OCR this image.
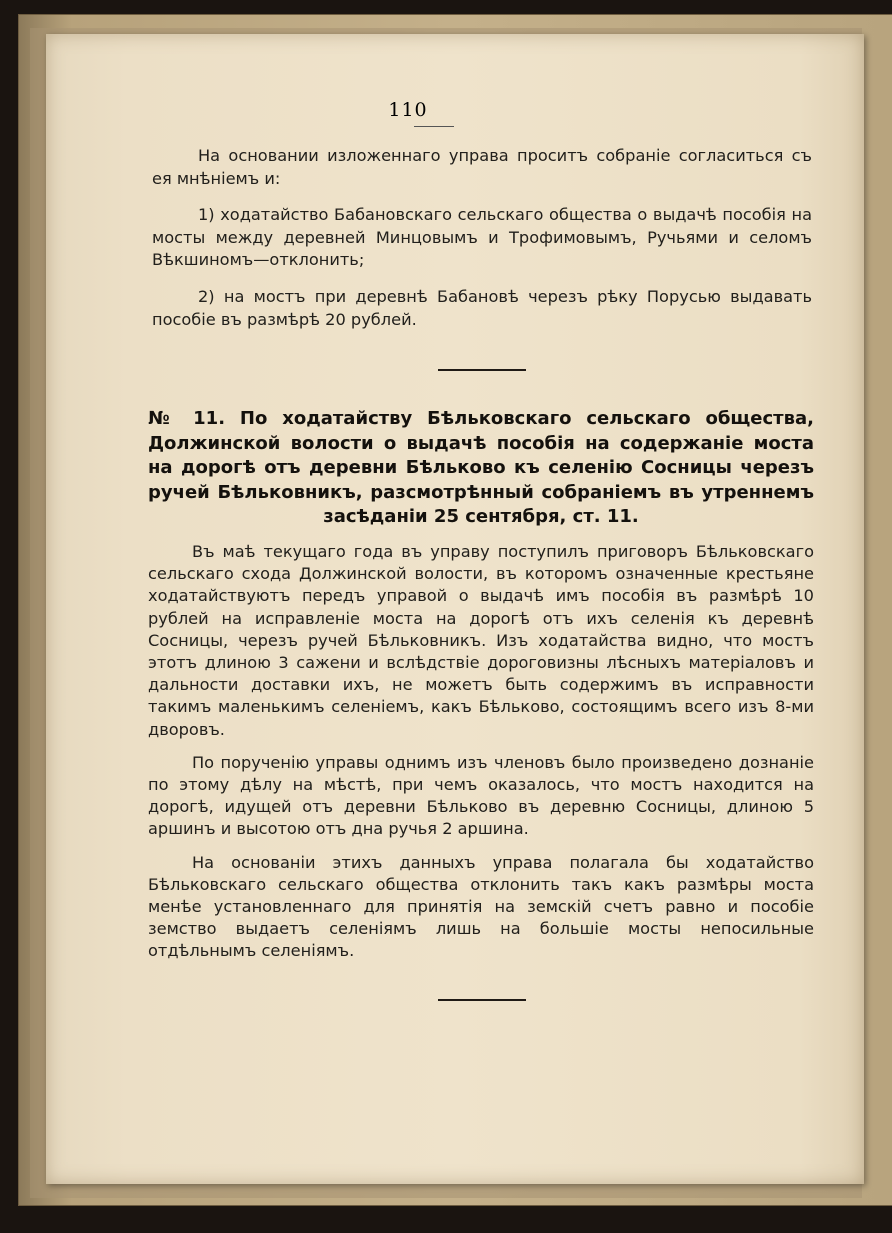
110

На основании изложеннаго управа проситъ собраніе согласиться съ ея мнѣніемъ и:

1) ходатайство Бабановскаго сельскаго общества о выдачѣ пособія на мосты между деревней Минцовымъ и Трофимовымъ, Ручьями и селомъ Вѣкшиномъ—отклонить;

2) на мостъ при деревнѣ Бабановѣ черезъ рѣку Порусью выдавать пособіе въ размѣрѣ 20 рублей.

№ 11. По ходатайству Бѣльковскаго сельскаго общества, Должинской волости о выдачѣ пособія на содержаніе моста на дорогѣ отъ деревни Бѣльково къ селенію Сосницы черезъ ручей Бѣльковникъ, разсмотрѣнный собраніемъ въ утреннемъ засѣданіи 25 сентября, ст. 11.

Въ маѣ текущаго года въ управу поступилъ приговоръ Бѣльковскаго сельскаго схода Должинской волости, въ которомъ означенные крестьяне ходатайствуютъ передъ управой о выдачѣ имъ пособія въ размѣрѣ 10 рублей на исправленіе моста на дорогѣ отъ ихъ селенія къ деревнѣ Сосницы, черезъ ручей Бѣльковникъ. Изъ ходатайства видно, что мостъ этотъ длиною 3 сажени и вслѣдствіе дороговизны лѣсныхъ матеріаловъ и дальности доставки ихъ, не можетъ быть содержимъ въ исправности такимъ маленькимъ селеніемъ, какъ Бѣльково, состоящимъ всего изъ 8-ми дворовъ.

По порученію управы однимъ изъ членовъ было произведено дознаніе по этому дѣлу на мѣстѣ, при чемъ оказалось, что мостъ находится на дорогѣ, идущей отъ деревни Бѣльково въ деревню Сосницы, длиною 5 аршинъ и высотою отъ дна ручья 2 аршина.

На основаніи этихъ данныхъ управа полагала бы ходатайство Бѣльковскаго сельскаго общества отклонить такъ какъ размѣры моста менѣе установленнаго для принятія на земскій счетъ равно и пособіе земство выдаетъ селеніямъ лишь на большіе мосты непосильные отдѣльнымъ селеніямъ.
